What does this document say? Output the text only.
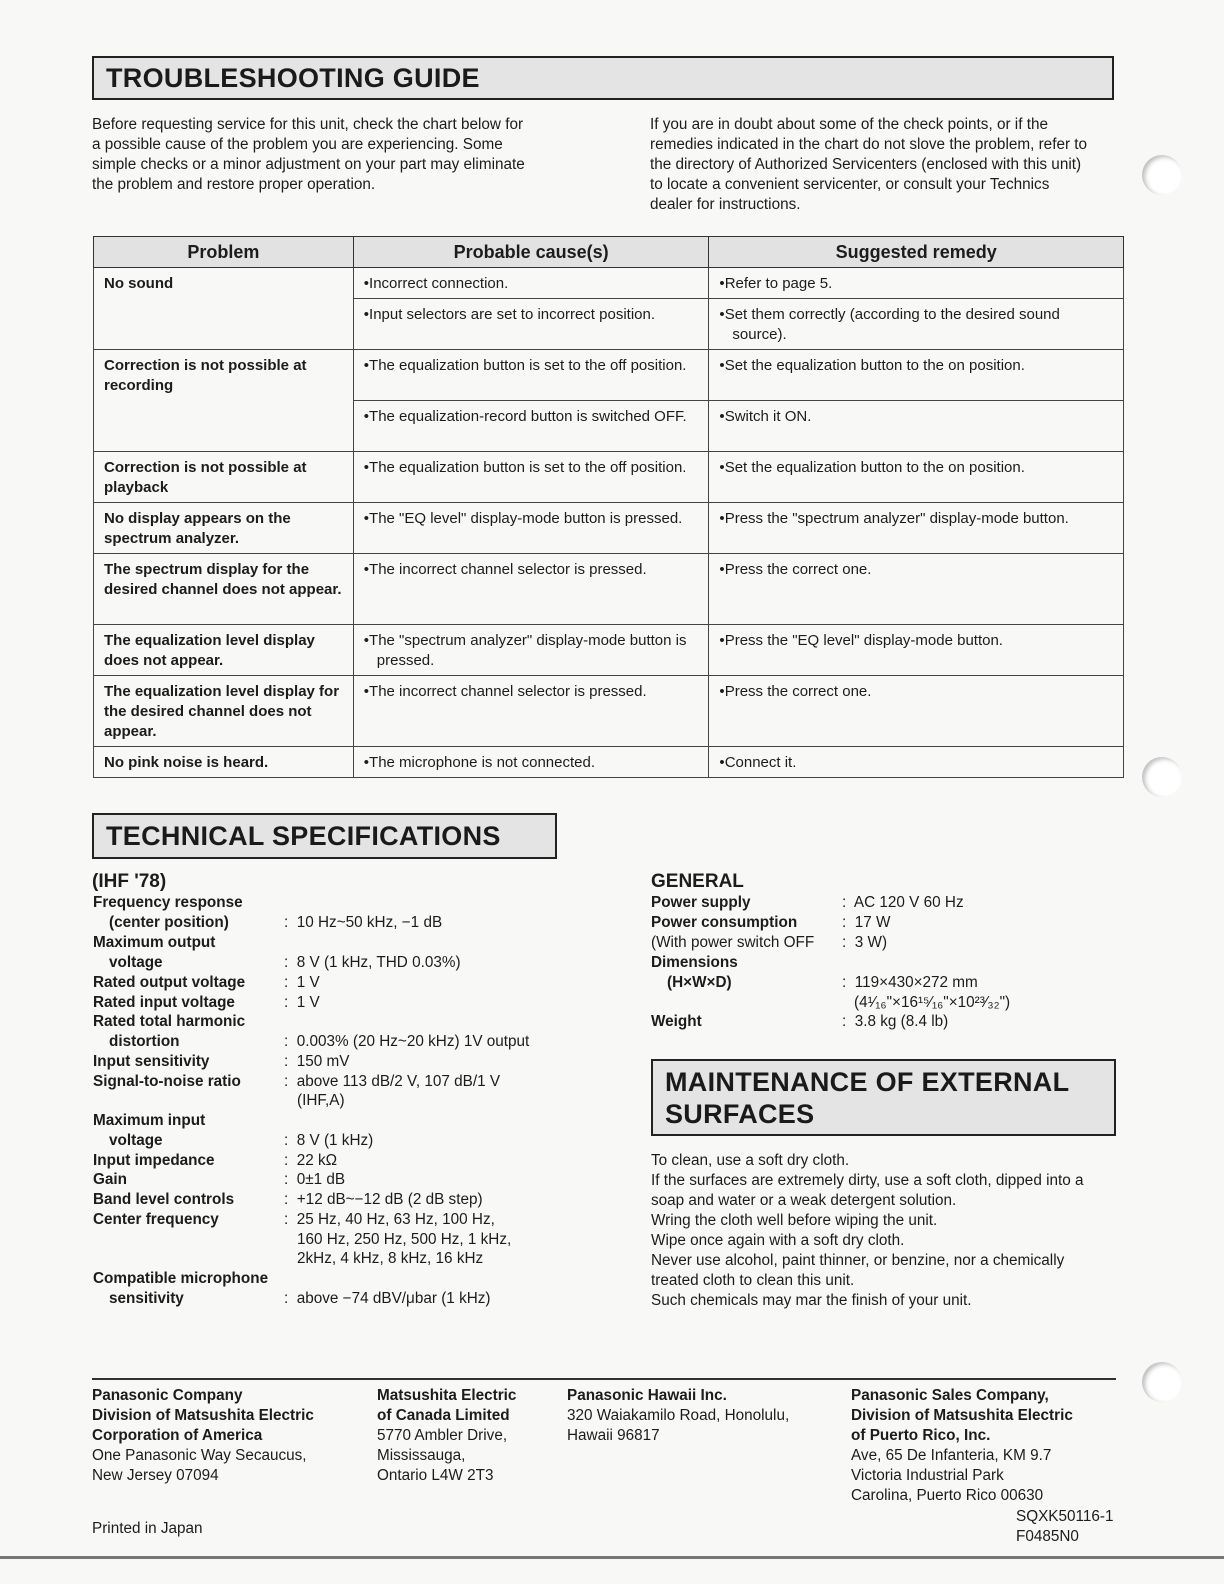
TROUBLESHOOTING GUIDE
Before requesting service for this unit, check the chart below for
a possible cause of the problem you are experiencing. Some
simple checks or a minor adjustment on your part may eliminate
the problem and restore proper operation.
If you are in doubt about some of the check points, or if the
remedies indicated in the chart do not slove the problem, refer to
the directory of Authorized Servicenters (enclosed with this unit)
to locate a convenient servicenter, or consult your Technics
dealer for instructions.
Problem	Probable cause(s)	Suggested remedy
No sound	• Incorrect connection.	• Refer to page 5.

	• Input selectors are set to incorrect position.	• Set them correctly (according to the desired sound source).

Correction is not possible at recording	• The equalization button is set to the off position.	• Set the equalization button to the on position.

	• The equalization-record button is switched OFF.	• Switch it ON.

Correction is not possible at playback	• The equalization button is set to the off position.	• Set the equalization button to the on position.

No display appears on the spectrum analyzer.	• The "EQ level" display-mode button is pressed.	• Press the "spectrum analyzer" display-mode button.

The spectrum display for the desired channel does not appear.	• The incorrect channel selector is pressed.	• Press the correct one.

The equalization level display does not appear.	• The "spectrum analyzer" display-mode button is pressed.	• Press the "EQ level" display-mode button.

The equalization level display for the desired channel does not appear.	• The incorrect channel selector is pressed.	• Press the correct one.

No pink noise is heard.	• The microphone is not connected.	• Connect it.
TECHNICAL SPECIFICATIONS
(IHF '78)
Frequency response
(center position)	:  10 Hz~50 kHz, −1 dB
Maximum output
voltage	:  8 V (1 kHz, THD 0.03%)
Rated output voltage	:  1 V
Rated input voltage	:  1 V
Rated total harmonic
distortion	:  0.003% (20 Hz~20 kHz) 1V output
Input sensitivity	:  150 mV
Signal-to-noise ratio	:  above 113 dB/2 V, 107 dB/1 V
(IHF,A)
Maximum input
voltage	:  8 V (1 kHz)
Input impedance	:  22 kΩ
Gain	:  0±1 dB
Band level controls	:  +12 dB~−12 dB (2 dB step)
Center frequency	:  25 Hz, 40 Hz, 63 Hz, 100 Hz,
160 Hz, 250 Hz, 500 Hz, 1 kHz,
2kHz, 4 kHz, 8 kHz, 16 kHz
Compatible microphone
sensitivity	:  above −74 dBV/μbar (1 kHz)
GENERAL
Power supply	:  AC 120 V 60 Hz
Power consumption	:  17 W
(With power switch OFF :  3 W)
Dimensions
(H×W×D)	:  119×430×272 mm
(4¹⁄₁₆"×16¹⁵⁄₁₆"×10²³⁄₃₂")
Weight	:  3.8 kg (8.4 lb)
MAINTENANCE OF EXTERNAL
SURFACES
To clean, use a soft dry cloth.
If the surfaces are extremely dirty, use a soft cloth, dipped into a
soap and water or a weak detergent solution.
Wring the cloth well before wiping the unit.
Wipe once again with a soft dry cloth.
Never use alcohol, paint thinner, or benzine, nor a chemically
treated cloth to clean this unit.
Such chemicals may mar the finish of your unit.
Panasonic Company
Division of Matsushita Electric
Corporation of America
One Panasonic Way Secaucus,
New Jersey 07094
Matsushita Electric
of Canada Limited
5770 Ambler Drive,
Mississauga,
Ontario L4W 2T3
Panasonic Hawaii Inc.
320 Waiakamilo Road, Honolulu,
Hawaii 96817
Panasonic Sales Company,
Division of Matsushita Electric
of Puerto Rico, Inc.
Ave, 65 De Infanteria, KM 9.7
Victoria Industrial Park
Carolina, Puerto Rico 00630
Printed in Japan
SQXK50116-1
F0485N0
